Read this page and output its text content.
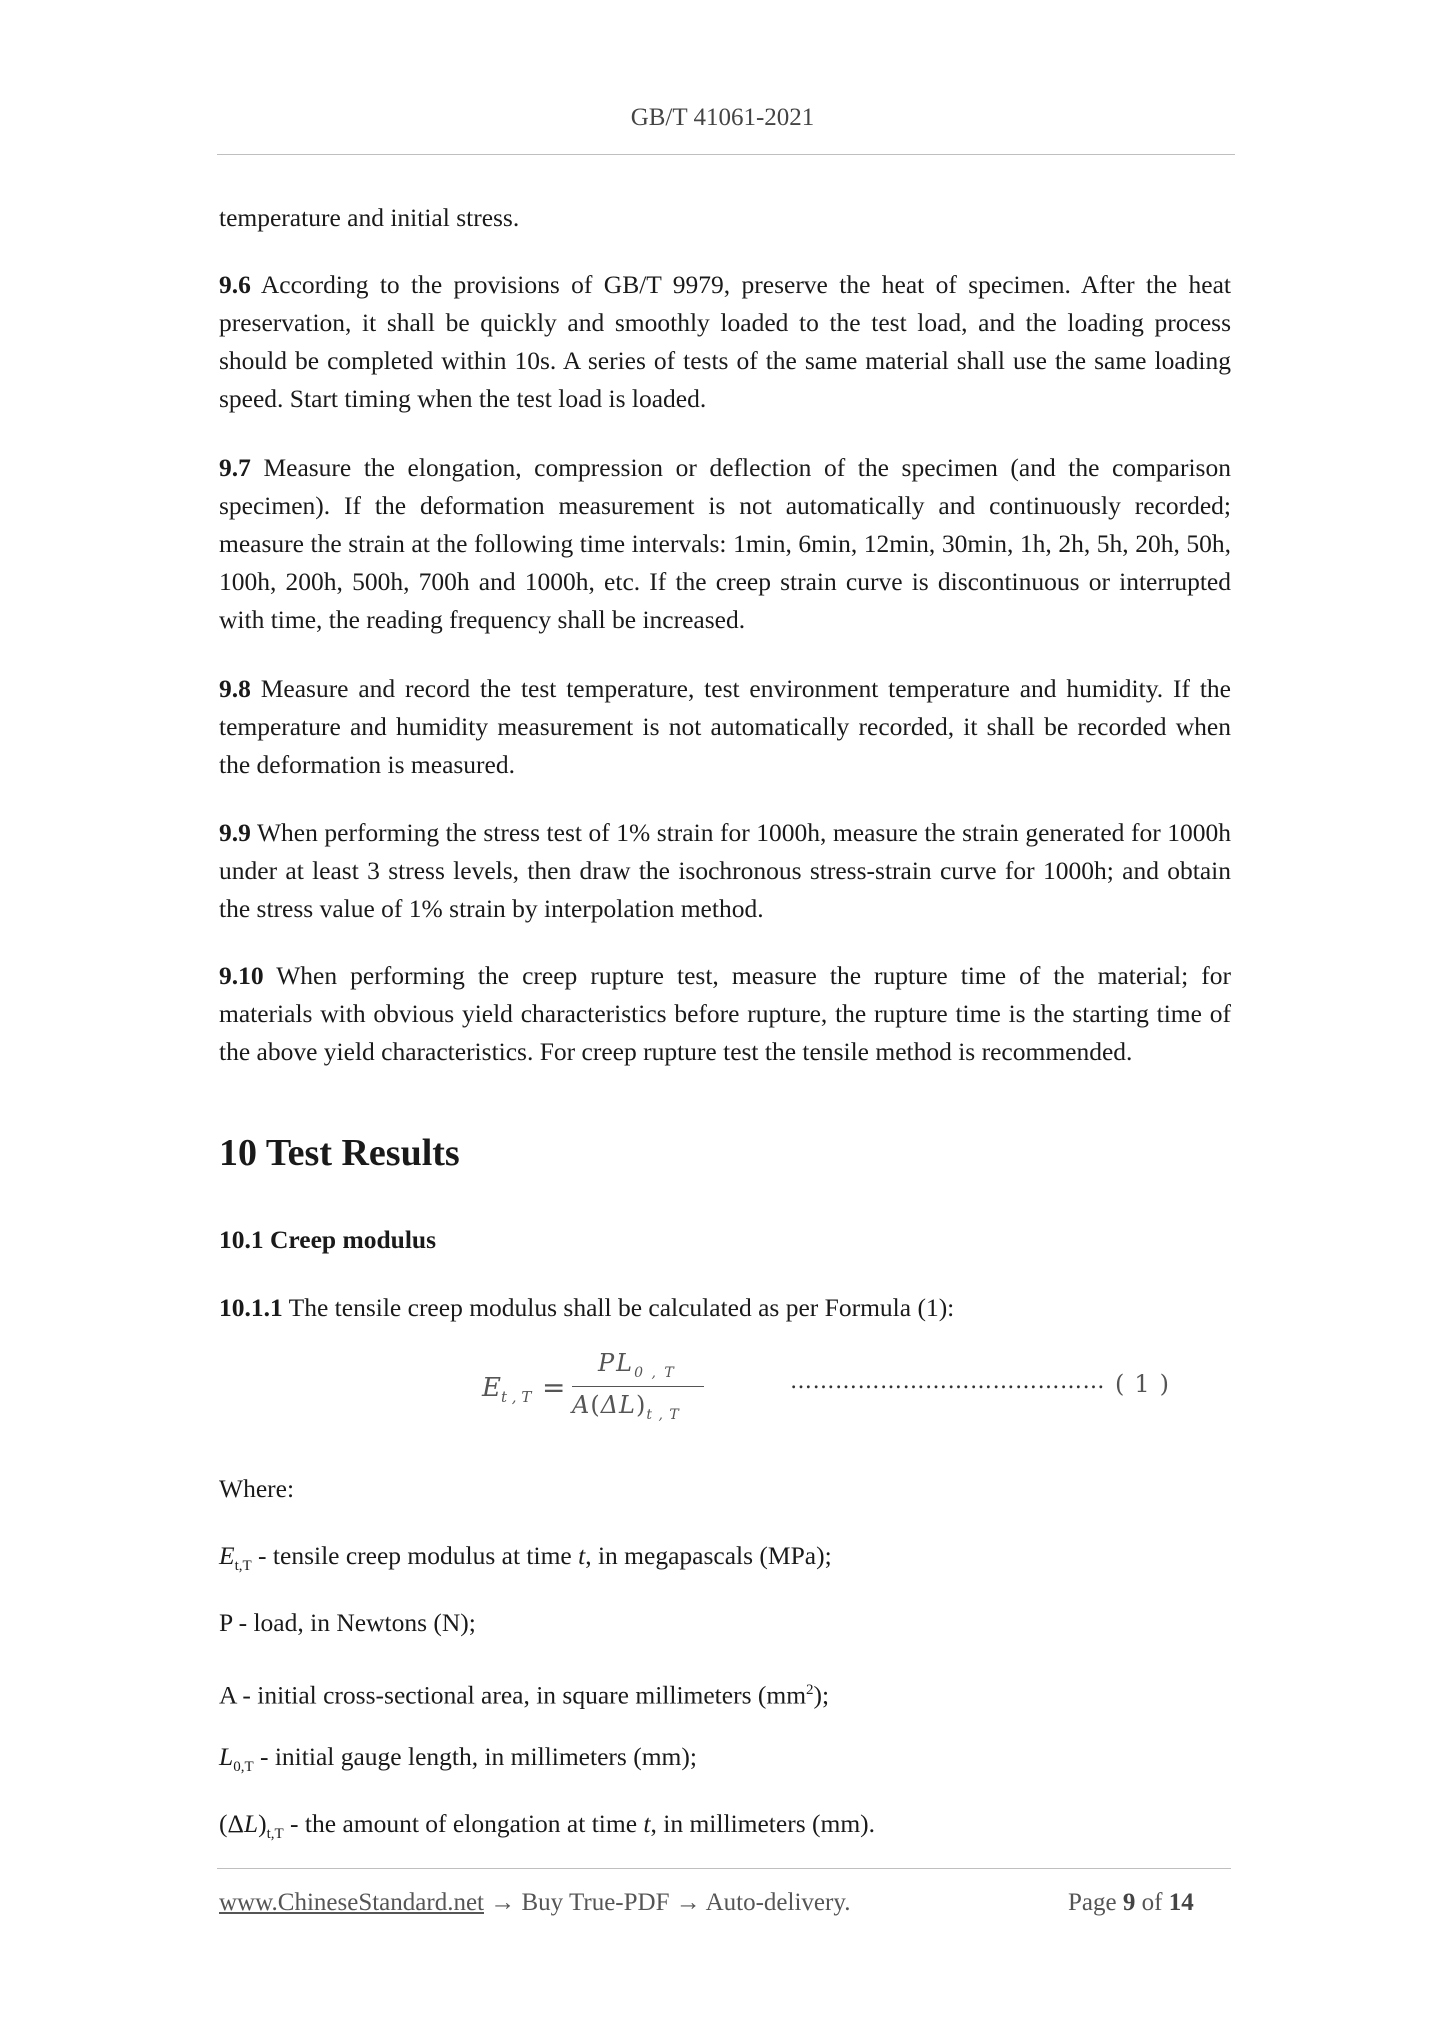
GB/T 41061-2021

temperature and initial stress.

9.6 According to the provisions of GB/T 9979, preserve the heat of specimen. After the heat preservation, it shall be quickly and smoothly loaded to the test load, and the loading process should be completed within 10s. A series of tests of the same material shall use the same loading speed. Start timing when the test load is loaded.

9.7 Measure the elongation, compression or deflection of the specimen (and the comparison specimen). If the deformation measurement is not automatically and continuously recorded; measure the strain at the following time intervals: 1min, 6min, 12min, 30min, 1h, 2h, 5h, 20h, 50h, 100h, 200h, 500h, 700h and 1000h, etc. If the creep strain curve is discontinuous or interrupted with time, the reading frequency shall be increased.

9.8 Measure and record the test temperature, test environment temperature and humidity. If the temperature and humidity measurement is not automatically recorded, it shall be recorded when the deformation is measured.

9.9 When performing the stress test of 1% strain for 1000h, measure the strain generated for 1000h under at least 3 stress levels, then draw the isochronous stress-strain curve for 1000h; and obtain the stress value of 1% strain by interpolation method.

9.10 When performing the creep rupture test, measure the rupture time of the material; for materials with obvious yield characteristics before rupture, the rupture time is the starting time of the above yield characteristics. For creep rupture test the tensile method is recommended.

10 Test Results
10.1 Creep modulus

10.1.1 The tensile creep modulus shall be calculated as per Formula (1):

$E_{t , T}$ =
$PL_{0 , T}$
$A(\Delta L)_{t , T}$
…………………………………… (1)

Where:

$E_{t,T}$ - tensile creep modulus at time t, in megapascals (MPa);

P - load, in Newtons (N);

A - initial cross-sectional area, in square millimeters $(mm^2)$;

$L_{0,T}$ - initial gauge length, in millimeters (mm);

$(\Delta L)_{t,T}$ - the amount of elongation at time t, in millimeters (mm).

www.ChineseStandard.net → Buy True-PDF → Auto-delivery.	Page 9 of 14
